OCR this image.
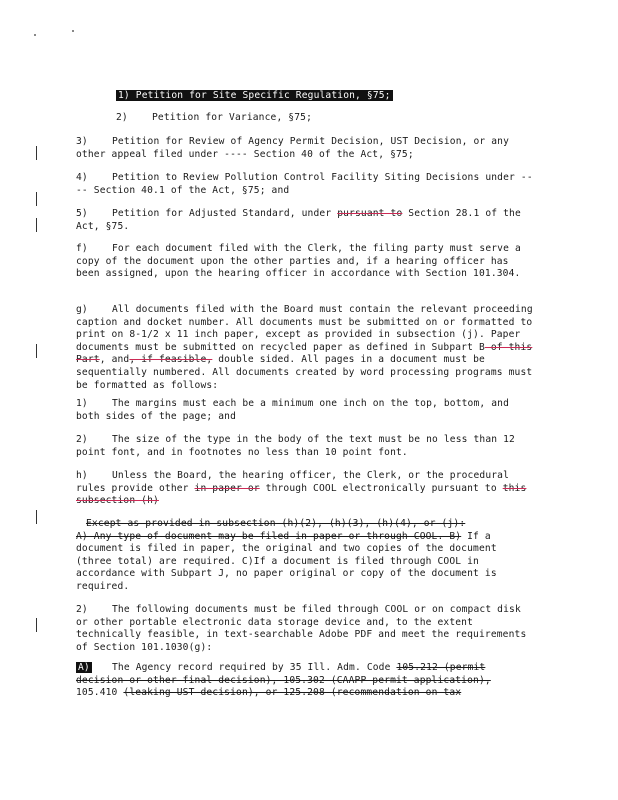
1) Petition for Site Specific Regulation, §75;
2)	Petition for Variance, §75;
3)	Petition for Review of Agency Permit Decision, UST Decision, or any other appeal filed under ---- Section 40 of the Act, §75;
4)	Petition to Review Pollution Control Facility Siting Decisions under ---- Section 40.1 of the Act, §75; and
5)	Petition for Adjusted Standard, under pursuant to Section 28.1 of the Act, §75.
f)	For each document filed with the Clerk, the filing party must serve a copy of the document upon the other parties and, if a hearing officer has been assigned, upon the hearing officer in accordance with Section 101.304.
g)	All documents filed with the Board must contain the relevant proceeding caption and docket number. All documents must be submitted on or formatted to print on 8-1/2 x 11 inch paper, except as provided in subsection (j). Paper documents must be submitted on recycled paper as defined in Subpart B of this Part, and, if feasible, double sided. All pages in a document must be sequentially numbered. All documents created by word processing programs must be formatted as follows:
1)	The margins must each be a minimum one inch on the top, bottom, and both sides of the page; and
2)	The size of the type in the body of the text must be no less than 12 point font, and in footnotes no less than 10 point font.
h)	Unless the Board, the hearing officer, the Clerk, or the procedural rules provide other in paper or through COOL electronically pursuant to this subsection (h)
Except as provided in subsection (h)(2), (h)(3), (h)(4), or (j):
A) Any type of document may be filed in paper or through COOL. B) If a document is filed in paper, the original and two copies of the document (three total) are required. C)If a document is filed through COOL in accordance with Subpart J, no paper original or copy of the document is required.
2)	The following documents must be filed through COOL or on compact disk or other portable electronic data storage device and, to the extent technically feasible, in text-searchable Adobe PDF and meet the requirements of Section 101.1030(g):
A) The Agency record required by 35 Ill. Adm. Code 105.212 (permit decision or other final decision), 105.302 (CAAPP permit application), 105.410 (leaking UST decision), or 125.208 (recommendation on tax
